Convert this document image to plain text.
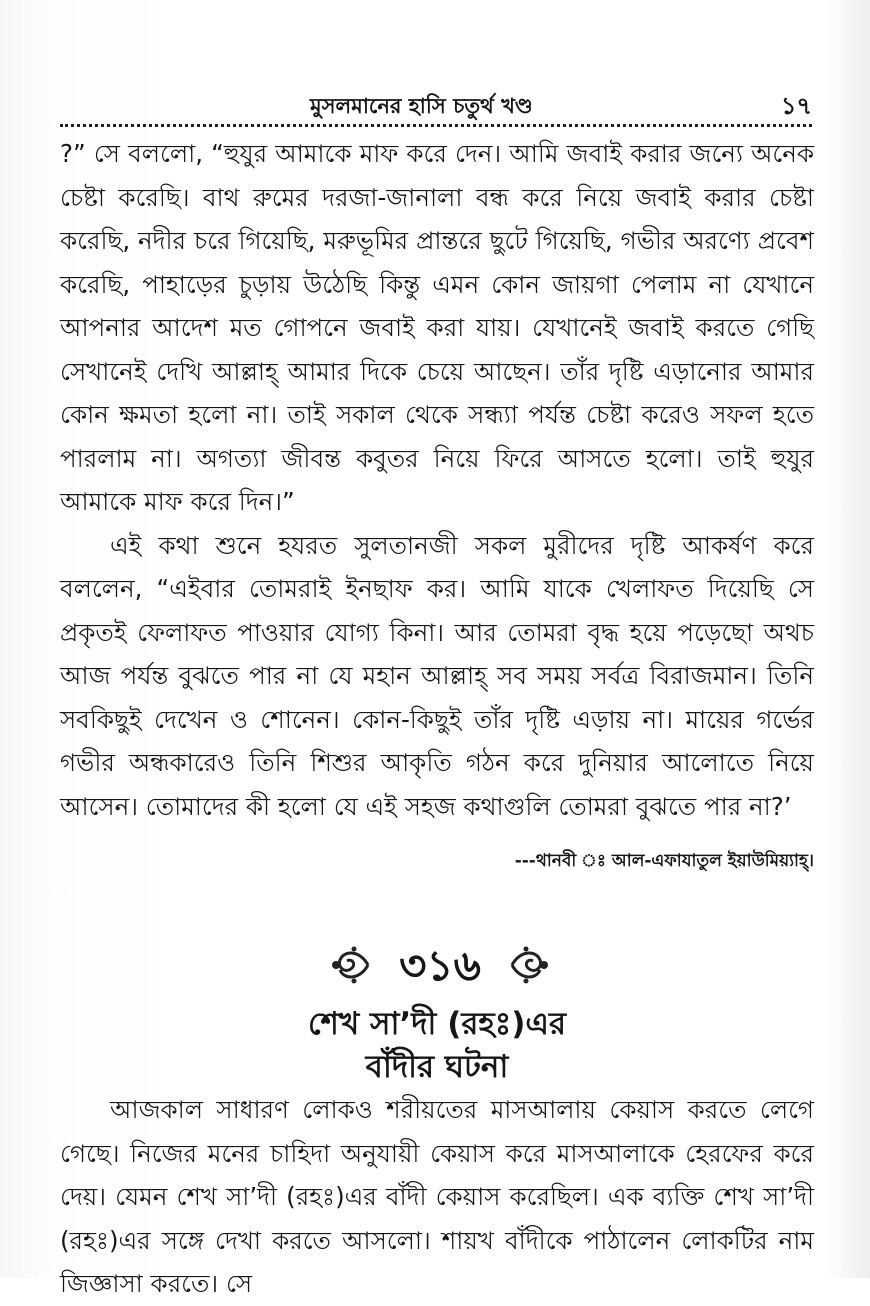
মুসলমানের হাসি চতুর্থ খণ্ড	১৭

?” সে বললো, “হুযুর আমাকে মাফ করে দেন। আমি জবাই করার জন্যে অনেক চেষ্টা করেছি। বাথ রুমের দরজা-জানালা বন্ধ করে নিয়ে জবাই করার চেষ্টা করেছি, নদীর চরে গিয়েছি, মরুভূমির প্রান্তরে ছুটে গিয়েছি, গভীর অরণ্যে প্রবেশ করেছি, পাহাড়ের চুড়ায় উঠেছি কিন্তু এমন কোন জায়গা পেলাম না যেখানে আপনার আদেশ মত গোপনে জবাই করা যায়। যেখানেই জবাই করতে গেছি সেখানেই দেখি আল্লাহ্ আমার দিকে চেয়ে আছেন। তাঁর দৃষ্টি এড়ানোর আমার কোন ক্ষমতা হলো না। তাই সকাল থেকে সন্ধ্যা পর্যন্ত চেষ্টা করেও সফল হতে পারলাম না। অগত্যা জীবন্ত কবুতর নিয়ে ফিরে আসতে হলো। তাই হুযুর আমাকে মাফ করে দিন।”

এই কথা শুনে হযরত সুলতানজী সকল মুরীদের দৃষ্টি আকর্ষণ করে বললেন, “এইবার তোমরাই ইনছাফ কর। আমি যাকে খেলাফত দিয়েছি সে প্রকৃতই ফেলাফত পাওয়ার যোগ্য কিনা। আর তোমরা বৃদ্ধ হয়ে পড়েছো অথচ আজ পর্যন্ত বুঝতে পার না যে মহান আল্লাহ্ সব সময় সর্বত্র বিরাজমান। তিনি সবকিছুই দেখেন ও শোনেন। কোন-কিছুই তাঁর দৃষ্টি এড়ায় না। মায়ের গর্ভের গভীর অন্ধকারেও তিনি শিশুর আকৃতি গঠন করে দুনিয়ার আলোতে নিয়ে আসেন। তোমাদের কী হলো যে এই সহজ কথাগুলি তোমরা বুঝতে পার না?’

---থানবী ঃ আল-এফাযাতুল ইয়াউমিয়্যাহ্।
৩১৬
শেখ সা’দী (রহঃ)এর
বাঁদীর ঘটনা

আজকাল সাধারণ লোকও শরীয়তের মাসআলায় কেয়াস করতে লেগে গেছে। নিজের মনের চাহিদা অনুযায়ী কেয়াস করে মাসআলাকে হেরফের করে দেয়। যেমন শেখ সা’দী (রহঃ)এর বাঁদী কেয়াস করেছিল। এক ব্যক্তি শেখ সা’দী (রহঃ)এর সঙ্গে দেখা করতে আসলো। শায়খ বাঁদীকে পাঠালেন লোকটির নাম জিজ্ঞাসা করতে। সে
